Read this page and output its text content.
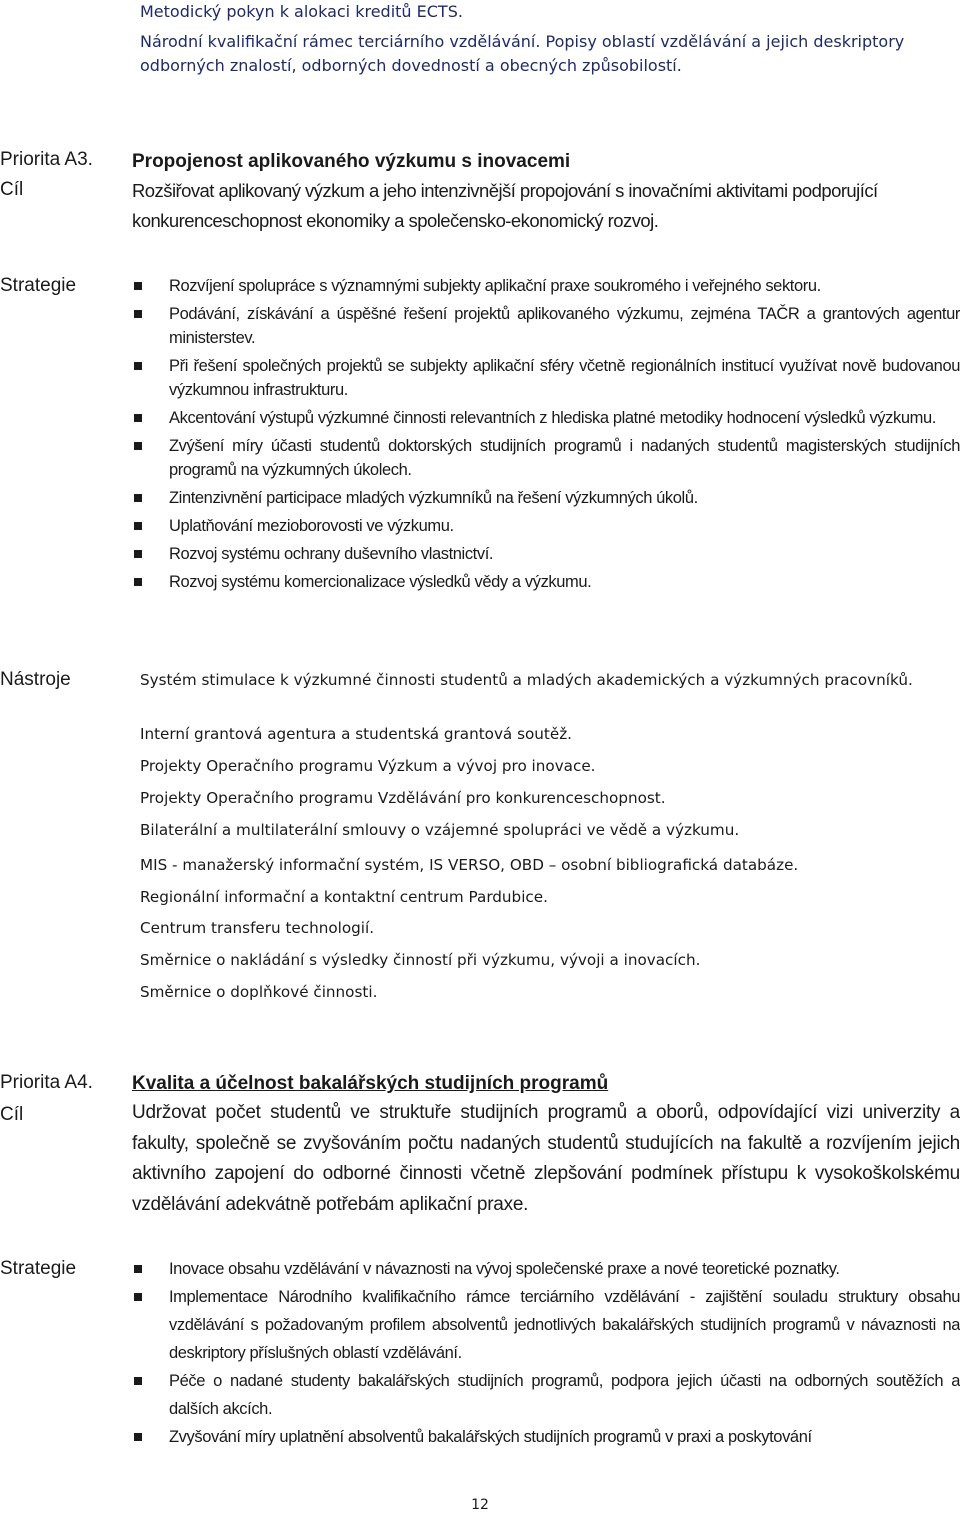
Metodický pokyn k alokaci kreditů ECTS.
Národní kvalifikační rámec terciárního vzdělávání. Popisy oblastí vzdělávání a jejich deskriptory odborných znalostí, odborných dovedností a obecných způsobilostí.
Priorita A3.
Cíl
Propojenost aplikovaného výzkumu s inovacemi
Rozšiřovat aplikovaný výzkum a jeho intenzivnější propojování s inovačními aktivitami podporující konkurenceschopnost ekonomiky a společensko-ekonomický rozvoj.
Strategie	Rozvíjení spolupráce s významnými subjekty aplikační praxe soukromého i veřejného sektoru.
Podávání, získávání a úspěšné řešení projektů aplikovaného výzkumu, zejména TAČR a grantových agentur ministerstev.
Při řešení společných projektů se subjekty aplikační sféry včetně regionálních institucí využívat nově budovanou výzkumnou infrastrukturu.
Akcentování výstupů výzkumné činnosti relevantních z hlediska platné metodiky hodnocení výsledků výzkumu.
Zvýšení míry účasti studentů doktorských studijních programů i nadaných studentů magisterských studijních programů na výzkumných úkolech.
Zintenzivnění participace mladých výzkumníků na řešení výzkumných úkolů.
Uplatňování mezioborovosti ve výzkumu.
Rozvoj systému ochrany duševního vlastnictví.
Rozvoj systému komercionalizace výsledků vědy a výzkumu.
Nástroje	Systém stimulace k výzkumné činnosti studentů a mladých akademických a výzkumných pracovníků.

Interní grantová agentura a studentská grantová soutěž.

Projekty Operačního programu Výzkum a vývoj pro inovace.

Projekty Operačního programu Vzdělávání pro konkurenceschopnost.

Bilaterální a multilaterální smlouvy o vzájemné spolupráci ve vědě a výzkumu.

MIS - manažerský informační systém, IS VERSO, OBD – osobní bibliografická databáze.

Regionální informační a kontaktní centrum Pardubice.

Centrum transferu technologií.

Směrnice o nakládání s výsledky činností při výzkumu, vývoji a inovacích.

Směrnice o doplňkové činnosti.

Priorita A4.
Cíl
Kvalita a účelnost bakalářských studijních programů
Udržovat počet studentů ve struktuře studijních programů a oborů, odpovídající vizi univerzity a fakulty, společně se zvyšováním počtu nadaných studentů studujících na fakultě a rozvíjením jejich aktivního zapojení do odborné činnosti včetně zlepšování podmínek přístupu k vysokoškolskému vzdělávání adekvátně potřebám aplikační praxe.
Strategie	Inovace obsahu vzdělávání v návaznosti na vývoj společenské praxe a nové teoretické poznatky.
Implementace Národního kvalifikačního rámce terciárního vzdělávání - zajištění souladu struktury obsahu vzdělávání s požadovaným profilem absolventů jednotlivých bakalářských studijních programů v návaznosti na deskriptory příslušných oblastí vzdělávání.
Péče o nadané studenty bakalářských studijních programů, podpora jejich účasti na odborných soutěžích a dalších akcích.
Zvyšování míry uplatnění absolventů bakalářských studijních programů v praxi a poskytování
12
